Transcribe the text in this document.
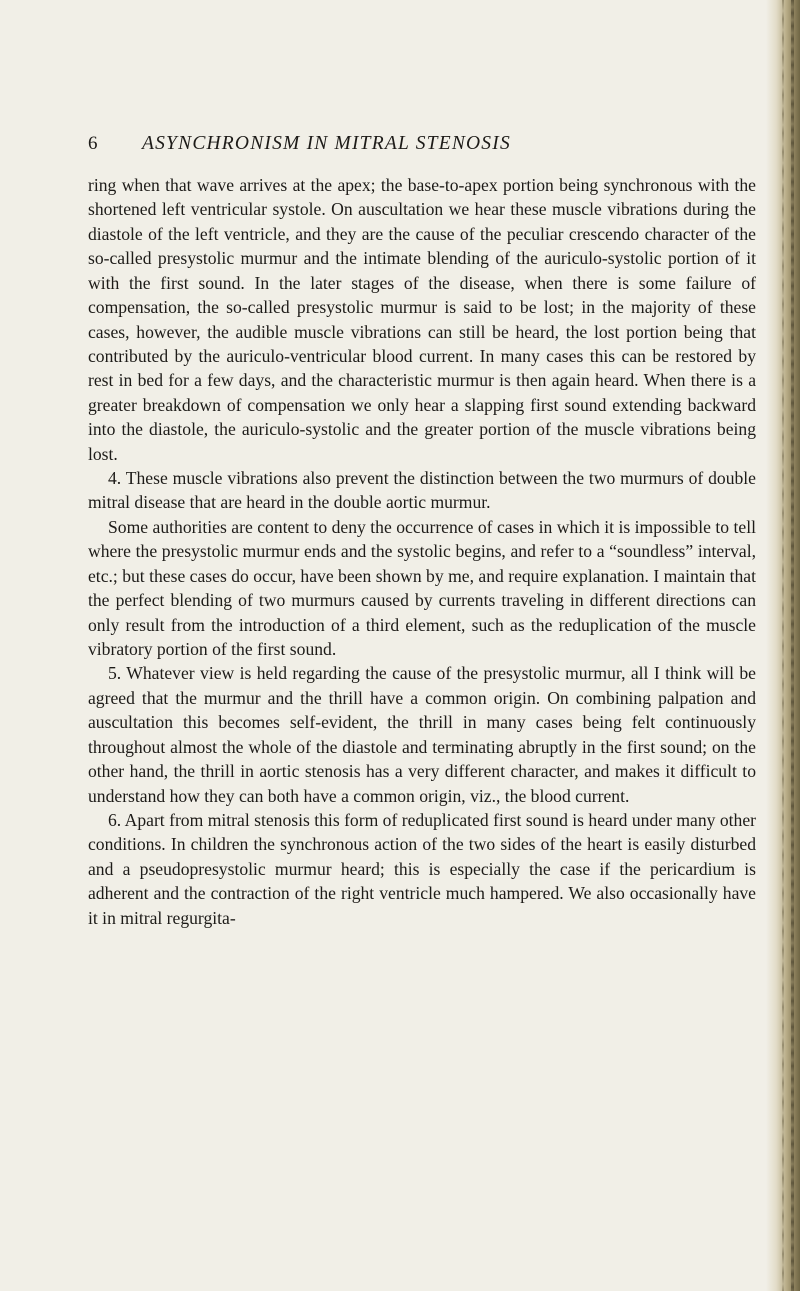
6 ASYNCHRONISM IN MITRAL STENOSIS

ring when that wave arrives at the apex; the base-to-apex portion being synchronous with the shortened left ventricular systole. On auscultation we hear these muscle vibrations during the diastole of the left ventricle, and they are the cause of the peculiar crescendo character of the so-called presystolic murmur and the intimate blending of the auriculo-systolic portion of it with the first sound. In the later stages of the disease, when there is some failure of compensation, the so-called presystolic murmur is said to be lost; in the majority of these cases, however, the audible muscle vibrations can still be heard, the lost portion being that contributed by the auriculo-ventricular blood current. In many cases this can be restored by rest in bed for a few days, and the characteristic murmur is then again heard. When there is a greater breakdown of compensation we only hear a slapping first sound extending backward into the diastole, the auriculo-systolic and the greater portion of the muscle vibrations being lost.

4. These muscle vibrations also prevent the distinction between the two murmurs of double mitral disease that are heard in the double aortic murmur.

Some authorities are content to deny the occurrence of cases in which it is impossible to tell where the presystolic murmur ends and the systolic begins, and refer to a “soundless” interval, etc.; but these cases do occur, have been shown by me, and require explanation. I maintain that the perfect blending of two murmurs caused by currents traveling in different directions can only result from the introduction of a third element, such as the reduplication of the muscle vibratory portion of the first sound.

5. Whatever view is held regarding the cause of the presystolic murmur, all I think will be agreed that the murmur and the thrill have a common origin. On combining palpation and auscultation this becomes self-evident, the thrill in many cases being felt continuously throughout almost the whole of the diastole and terminating abruptly in the first sound; on the other hand, the thrill in aortic stenosis has a very different character, and makes it difficult to understand how they can both have a common origin, viz., the blood current.

6. Apart from mitral stenosis this form of reduplicated first sound is heard under many other conditions. In children the synchronous action of the two sides of the heart is easily disturbed and a pseudopresystolic murmur heard; this is especially the case if the pericardium is adherent and the contraction of the right ventricle much hampered. We also occasionally have it in mitral regurgita-
